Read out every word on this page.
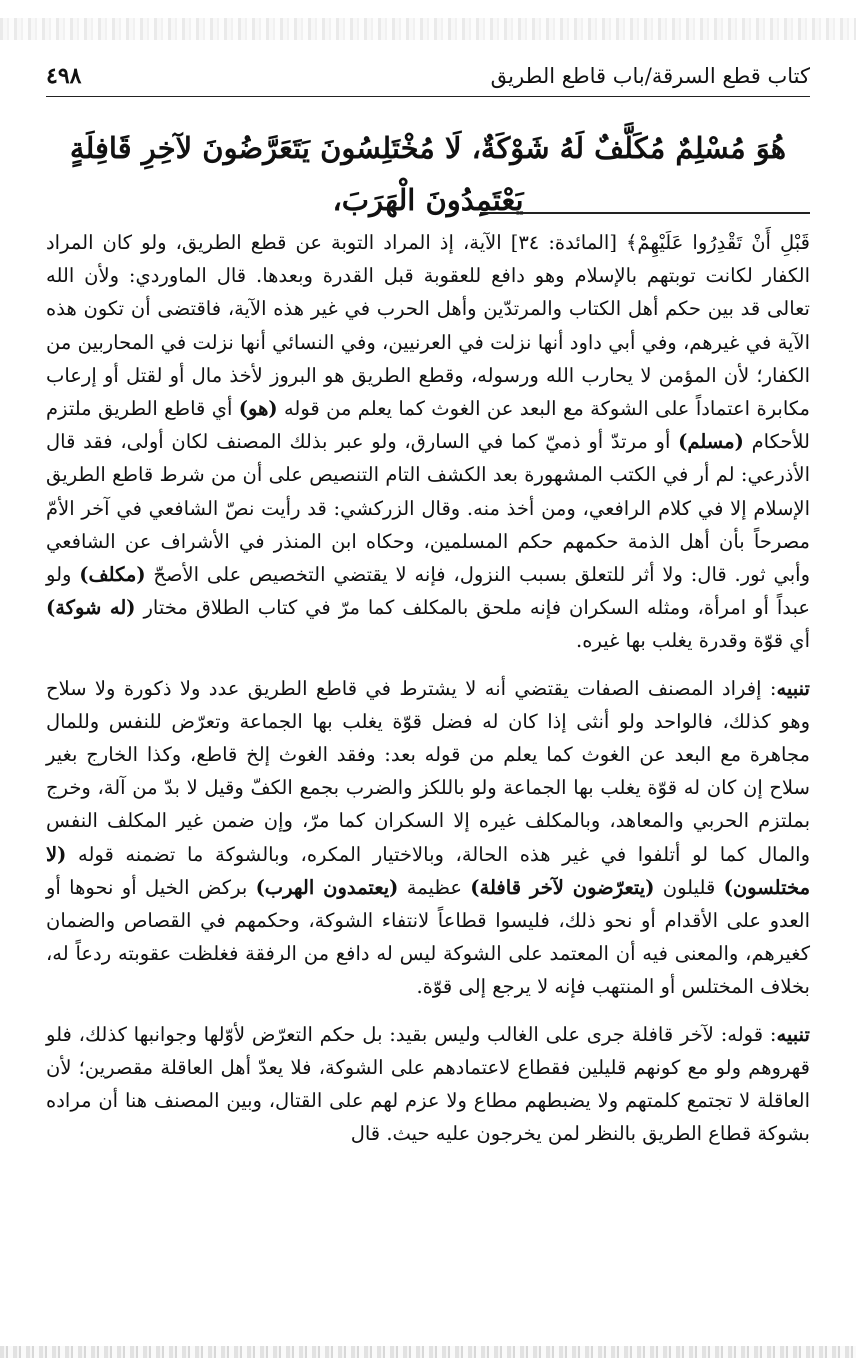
كتاب قطع السرقة/باب قاطع الطريق
٤٩٨
هُوَ مُسْلِمٌ مُكَلَّفٌ لَهُ شَوْكَةٌ، لَا مُخْتَلِسُونَ يَتَعَرَّضُونَ لآخِرِ قَافِلَةٍ يَعْتَمِدُونَ الْهَرَبَ،

قَبْلِ أَنْ تَقْدِرُوا عَلَيْهِمْ﴾ [المائدة: ٣٤] الآية، إذ المراد التوبة عن قطع الطريق، ولو كان المراد الكفار لكانت توبتهم بالإسلام وهو دافع للعقوبة قبل القدرة وبعدها. قال الماوردي: ولأن الله تعالى قد بين حكم أهل الكتاب والمرتدّين وأهل الحرب في غير هذه الآية، فاقتضى أن تكون هذه الآية في غيرهم، وفي أبي داود أنها نزلت في العرنيين، وفي النسائي أنها نزلت في المحاربين من الكفار؛ لأن المؤمن لا يحارب الله ورسوله، وقطع الطريق هو البروز لأخذ مال أو لقتل أو إرعاب مكابرة اعتماداً على الشوكة مع البعد عن الغوث كما يعلم من قوله (هو) أي قاطع الطريق ملتزم للأحكام (مسلم) أو مرتدّ أو ذميّ كما في السارق، ولو عبر بذلك المصنف لكان أولى، فقد قال الأذرعي: لم أر في الكتب المشهورة بعد الكشف التام التنصيص على أن من شرط قاطع الطريق الإسلام إلا في كلام الرافعي، ومن أخذ منه. وقال الزركشي: قد رأيت نصّ الشافعي في آخر الأمّ مصرحاً بأن أهل الذمة حكمهم حكم المسلمين، وحكاه ابن المنذر في الأشراف عن الشافعي وأبي ثور. قال: ولا أثر للتعلق بسبب النزول، فإنه لا يقتضي التخصيص على الأصحّ (مكلف) ولو عبداً أو امرأة، ومثله السكران فإنه ملحق بالمكلف كما مرّ في كتاب الطلاق مختار (له شوكة) أي قوّة وقدرة يغلب بها غيره.

تنبيه: إفراد المصنف الصفات يقتضي أنه لا يشترط في قاطع الطريق عدد ولا ذكورة ولا سلاح وهو كذلك، فالواحد ولو أنثى إذا كان له فضل قوّة يغلب بها الجماعة وتعرّض للنفس وللمال مجاهرة مع البعد عن الغوث كما يعلم من قوله بعد: وفقد الغوث إلخ قاطع، وكذا الخارج بغير سلاح إن كان له قوّة يغلب بها الجماعة ولو باللكز والضرب بجمع الكفّ وقيل لا بدّ من آلة، وخرج بملتزم الحربي والمعاهد، وبالمكلف غيره إلا السكران كما مرّ، وإن ضمن غير المكلف النفس والمال كما لو أتلفوا في غير هذه الحالة، وبالاختيار المكره، وبالشوكة ما تضمنه قوله (لا مختلسون) قليلون (يتعرّضون لآخر قافلة) عظيمة (يعتمدون الهرب) بركض الخيل أو نحوها أو العدو على الأقدام أو نحو ذلك، فليسوا قطاعاً لانتفاء الشوكة، وحكمهم في القصاص والضمان كغيرهم، والمعنى فيه أن المعتمد على الشوكة ليس له دافع من الرفقة فغلظت عقوبته ردعاً له، بخلاف المختلس أو المنتهب فإنه لا يرجع إلى قوّة.

تنبيه: قوله: لآخر قافلة جرى على الغالب وليس بقيد: بل حكم التعرّض لأوّلها وجوانبها كذلك، فلو قهروهم ولو مع كونهم قليلين فقطاع لاعتمادهم على الشوكة، فلا يعدّ أهل العاقلة مقصرين؛ لأن العاقلة لا تجتمع كلمتهم ولا يضبطهم مطاع ولا عزم لهم على القتال، وبين المصنف هنا أن مراده بشوكة قطاع الطريق بالنظر لمن يخرجون عليه حيث. قال
